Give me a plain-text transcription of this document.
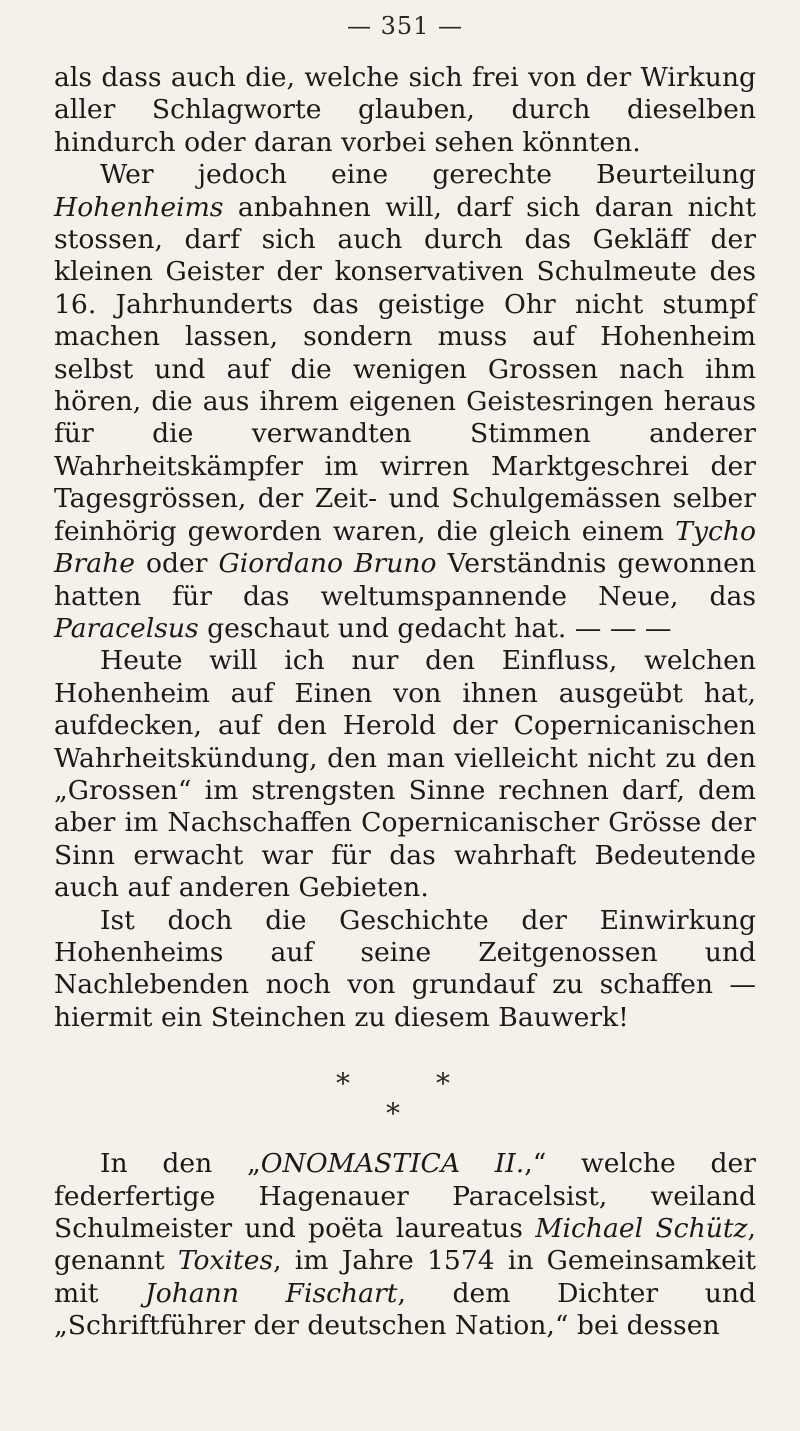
— 351 —

als dass auch die, welche sich frei von der Wirkung aller Schlagworte glauben, durch dieselben hindurch oder daran vorbei sehen könnten.

Wer jedoch eine gerechte Beurteilung Hohenheims anbahnen will, darf sich daran nicht stossen, darf sich auch durch das Gekläff der kleinen Geister der konservativen Schulmeute des 16. Jahrhunderts das geistige Ohr nicht stumpf machen lassen, sondern muss auf Hohenheim selbst und auf die wenigen Grossen nach ihm hören, die aus ihrem eigenen Geistesringen heraus für die verwandten Stimmen anderer Wahrheitskämpfer im wirren Marktgeschrei der Tagesgrössen, der Zeit- und Schulgemässen selber feinhörig geworden waren, die gleich einem Tycho Brahe oder Giordano Bruno Verständnis gewonnen hatten für das weltumspannende Neue, das Paracelsus geschaut und gedacht hat. — — —

Heute will ich nur den Einfluss, welchen Hohenheim auf Einen von ihnen ausgeübt hat, aufdecken, auf den Herold der Copernicanischen Wahrheitskündung, den man vielleicht nicht zu den „Grossen“ im strengsten Sinne rechnen darf, dem aber im Nachschaffen Copernicanischer Grösse der Sinn erwacht war für das wahrhaft Bedeutende auch auf anderen Gebieten.

Ist doch die Geschichte der Einwirkung Hohenheims auf seine Zeitgenossen und Nachlebenden noch von grundauf zu schaffen — hiermit ein Steinchen zu diesem Bauwerk!

*	*
*

In den „ONOMASTICA II.,“ welche der federfertige Hagenauer Paracelsist, weiland Schulmeister und poëta laureatus Michael Schütz, genannt Toxites, im Jahre 1574 in Gemeinsamkeit mit Johann Fischart, dem Dichter und „Schriftführer der deutschen Nation,“ bei dessen
